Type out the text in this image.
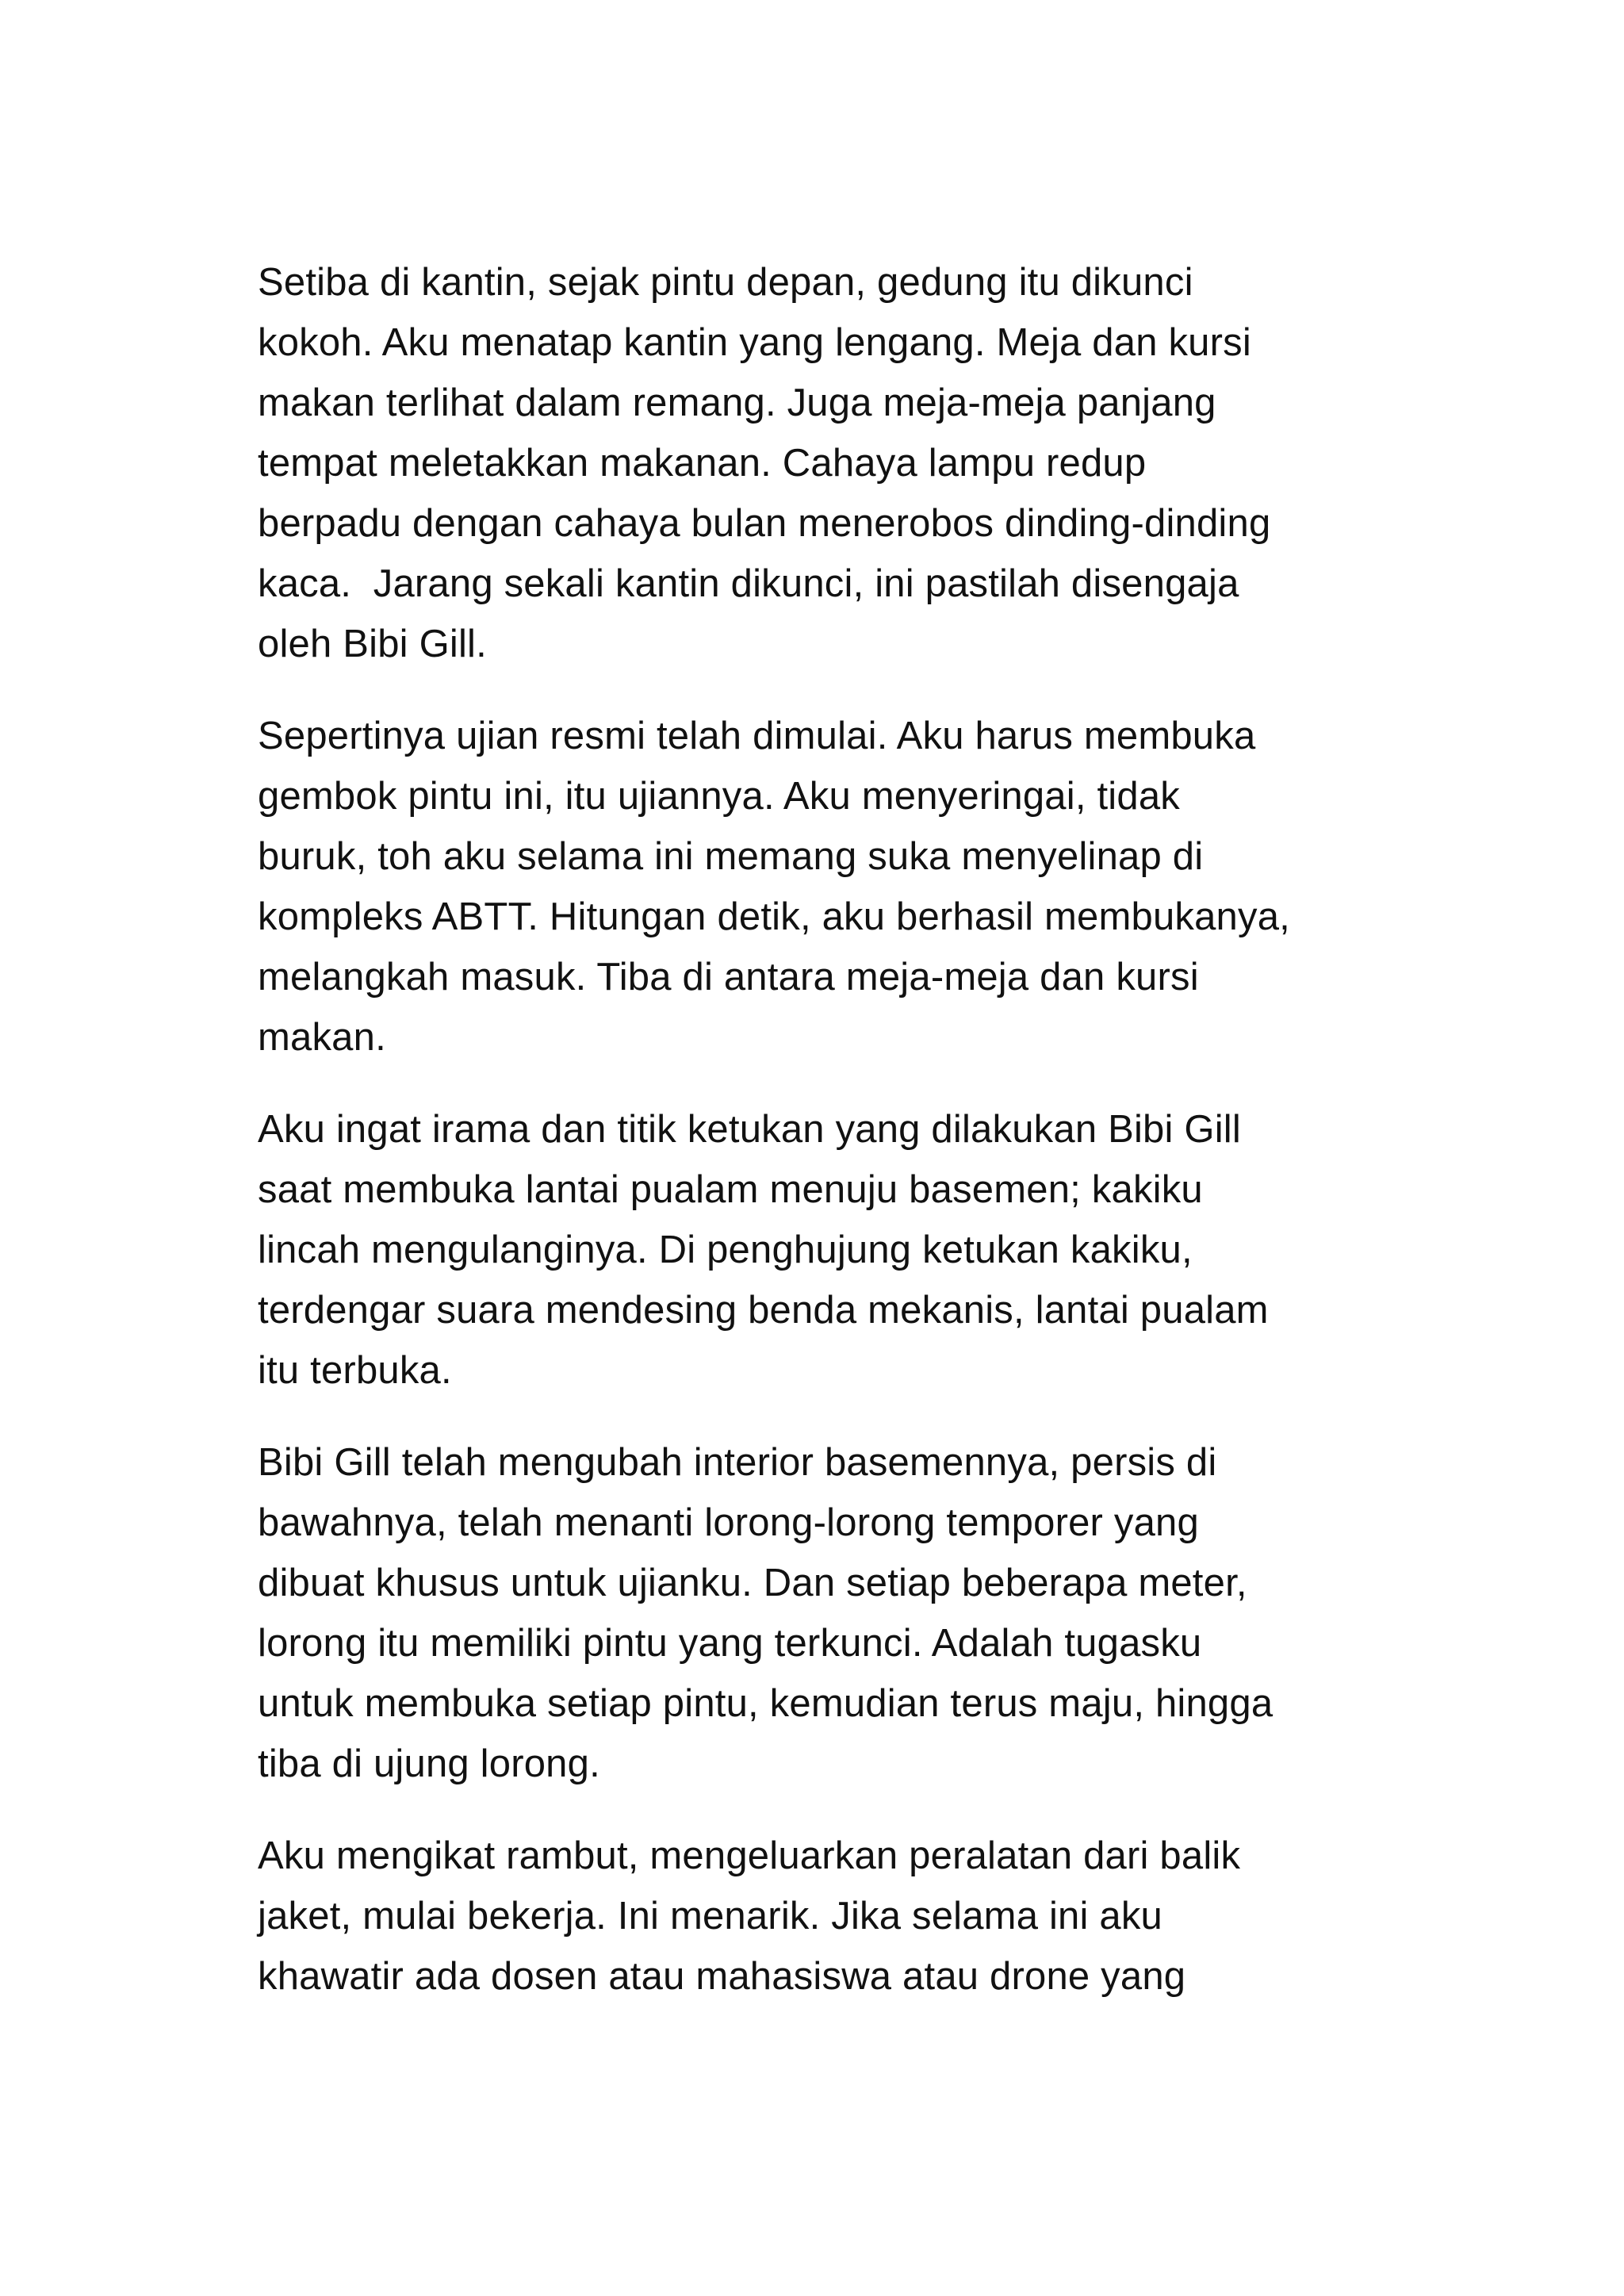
Setiba di kantin, sejak pintu depan, gedung itu dikunci
kokoh. Aku menatap kantin yang lengang. Meja dan kursi
makan terlihat dalam remang. Juga meja-meja panjang
tempat meletakkan makanan. Cahaya lampu redup
berpadu dengan cahaya bulan menerobos dinding-dinding
kaca.  Jarang sekali kantin dikunci, ini pastilah disengaja
oleh Bibi Gill.

Sepertinya ujian resmi telah dimulai. Aku harus membuka
gembok pintu ini, itu ujiannya. Aku menyeringai, tidak
buruk, toh aku selama ini memang suka menyelinap di
kompleks ABTT. Hitungan detik, aku berhasil membukanya,
melangkah masuk. Tiba di antara meja-meja dan kursi
makan.

Aku ingat irama dan titik ketukan yang dilakukan Bibi Gill
saat membuka lantai pualam menuju basemen; kakiku
lincah mengulanginya. Di penghujung ketukan kakiku,
terdengar suara mendesing benda mekanis, lantai pualam
itu terbuka.

Bibi Gill telah mengubah interior basemennya, persis di
bawahnya, telah menanti lorong-lorong temporer yang
dibuat khusus untuk ujianku. Dan setiap beberapa meter,
lorong itu memiliki pintu yang terkunci. Adalah tugasku
untuk membuka setiap pintu, kemudian terus maju, hingga
tiba di ujung lorong.

Aku mengikat rambut, mengeluarkan peralatan dari balik
jaket, mulai bekerja. Ini menarik. Jika selama ini aku
khawatir ada dosen atau mahasiswa atau drone yang
